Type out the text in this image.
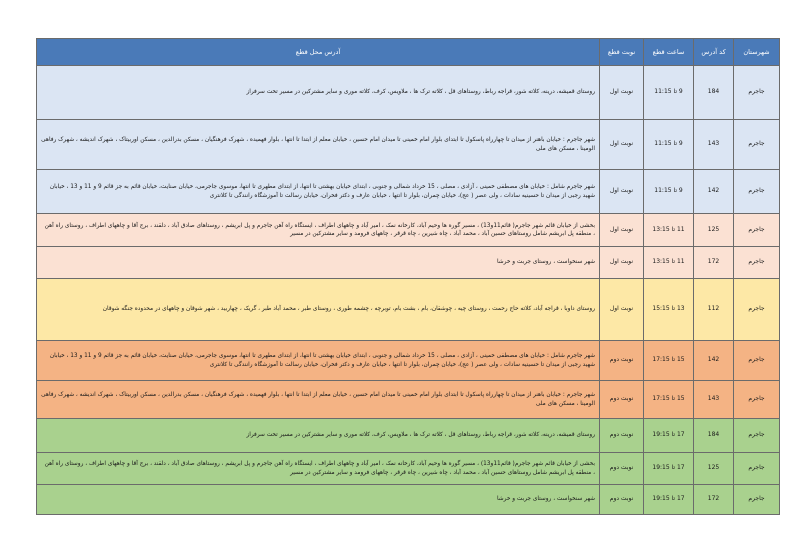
شهرستان	کد آدرس	ساعت قطع	نوبت قطع	آدرس محل قطع
جاجرم	184	9 تا 11:15	نوبت اول	روستای قمیشه، درینه، کلاته شور، قراجه رباط، روستاهای قل ، کلاته ترک ها ، ملاویس، کرف، کلاته موری و سایر مشترکین در مسیر تخت سرفراز
جاجرم	143	9 تا 11:15	نوبت اول	شهر جاجرم : خیابان باهنر از میدان تا چهارراه پاسکول تا ابتدای بلوار امام خمینی تا میدان امام حسین ، خیابان معلم از ابتدا تا انتها ، بلوار فهمیده ، شهرک فرهنگیان ، مسکن بدرالدین ، مسکن اوربیتاک ، شهرک اندیشه ، شهرک رفاهی الومینا ، مسکن های ملی
جاجرم	142	9 تا 11:15	نوبت اول	شهر جاجرم شامل : خیابان های مصطفی خمینی ، آزادی ، مصلی ، 15 خرداد شمالی و جنوبی ، ابتدای خیابان بهشتی تا انتها، از ابتدای مطهری تا انتها، موسوی جاجرمی، خیابان صنایت، خیابان قائم به جز قائم 9 و 11 و 13 ، خیابان شهید رجبی از میدان تا حسینیه سادات ، ولی عصر ( عج)، خیابان چمران، بلوار تا انتها ، خیابان عارف و دکتر فخران، خیابان رسالت تا آموزشگاه رانندگی تا کلانتری
جاجرم	125	11 تا 13:15	نوبت اول	بخشی از خیابان قائم شهر جاجرم( قائم11و13) ، مسیر گوره ها وحیم آباد، کارخانه نمک ، امیر آباد و چاههای اطراف ، ایستگاه راه آهن جاجرم و پل ابریشم ، روستاهای صادق آباد ، دلقند ، برج آقا و چاههای اطراف ، روستای راه آهن ، منطقه پل ابریشم شامل روستاهای حسین آباد ، محمد آباد ، چاه شیرین ، چاه قرقر ، چاههای فرومد و سایر مشترکین در مسیر
جاجرم	172	11 تا 13:15	نوبت اول	شهر سنخواست ، روستای جربت و خرشا
جاجرم	112	13 تا 15:15	نوبت اول	روستای داوبا ، قراجه آباد، کلاته حاج رحمت ، روستای چیه ، چوشقان، بام ، بشت بام، توبرچه ، چشمه طوری ، روستای طبر ، محمد آباد طبر ، گریک ، چهاربید ، شهر شوقان و چاههای در محدوده جنگه شوقان
جاجرم	142	15 تا 17:15	نوبت دوم	شهر جاجرم شامل : خیابان های مصطفی خمینی ، آزادی ، مصلی ، 15 خرداد شمالی و جنوبی ، ابتدای خیابان بهشتی تا انتها، از ابتدای مطهری تا انتها، موسوی جاجرمی، خیابان صنایت، خیابان قائم به جز قائم 9 و 11 و 13 ، خیابان شهید رجبی از میدان تا حسینیه سادات ، ولی عصر ( عج)، خیابان چمران، بلوار تا انتها ، خیابان عارف و دکتر فخران، خیابان رسالت تا آموزشگاه رانندگی تا کلانتری
جاجرم	143	15 تا 17:15	نوبت دوم	شهر جاجرم : خیابان باهنر از میدان تا چهارراه پاسکول تا ابتدای بلوار امام خمینی تا میدان امام حسین ، خیابان معلم از ابتدا تا انتها ، بلوار فهمیده ، شهرک فرهنگیان ، مسکن بدرالدین ، مسکن اوربیتاک ، شهرک اندیشه ، شهرک رفاهی الومینا ، مسکن های ملی
جاجرم	184	17 تا 19:15	نوبت دوم	روستای قمیشه، درینه، کلاته شور، قراجه رباط، روستاهای قل ، کلاته ترک ها ، ملاویس، کرف، کلاته موری و سایر مشترکین در مسیر تخت سرفراز
جاجرم	125	17 تا 19:15	نوبت دوم	بخشی از خیابان قائم شهر جاجرم( قائم11و13) ، مسیر گوره ها وحیم آباد، کارخانه نمک ، امیر آباد و چاههای اطراف ، ایستگاه راه آهن جاجرم و پل ابریشم ، روستاهای صادق آباد ، دلقند ، برج آقا و چاههای اطراف ، روستای راه آهن ، منطقه پل ابریشم شامل روستاهای حسین آباد ، محمد آباد ، چاه شیرین ، چاه قرقر ، چاههای فرومد و سایر مشترکین در مسیر
جاجرم	172	17 تا 19:15	نوبت دوم	شهر سنخواست ، روستای جربت و خرشا
